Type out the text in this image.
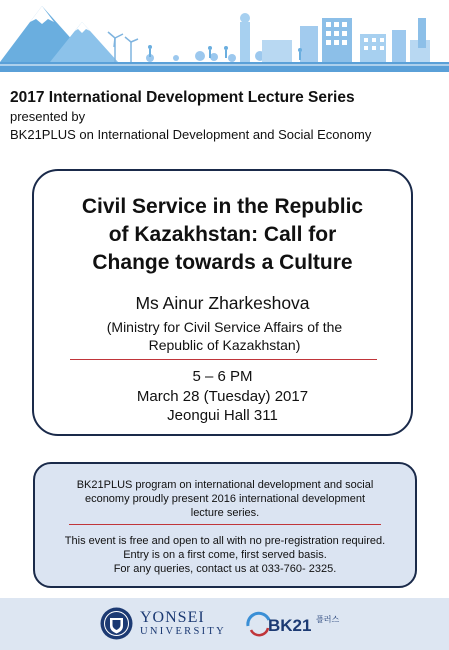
2017 International Development Lecture Series
presented by
BK21PLUS on International Development and Social Economy
Civil Service in the Republic
of Kazakhstan: Call for
Change towards a Culture
Ms Ainur Zharkeshova
(Ministry for Civil Service Affairs of the
Republic of Kazakhstan)
5 – 6 PM
March 28 (Tuesday) 2017
Jeongui Hall 311
BK21PLUS program on international development and social
economy proudly present 2016 international development
lecture series.
This event is free and open to all with no pre-registration required.
Entry is on a first come, first served basis.
For any queries, contact us at 033-760- 2325.
YONSEI
UNIVERSITY BK21 플러스
